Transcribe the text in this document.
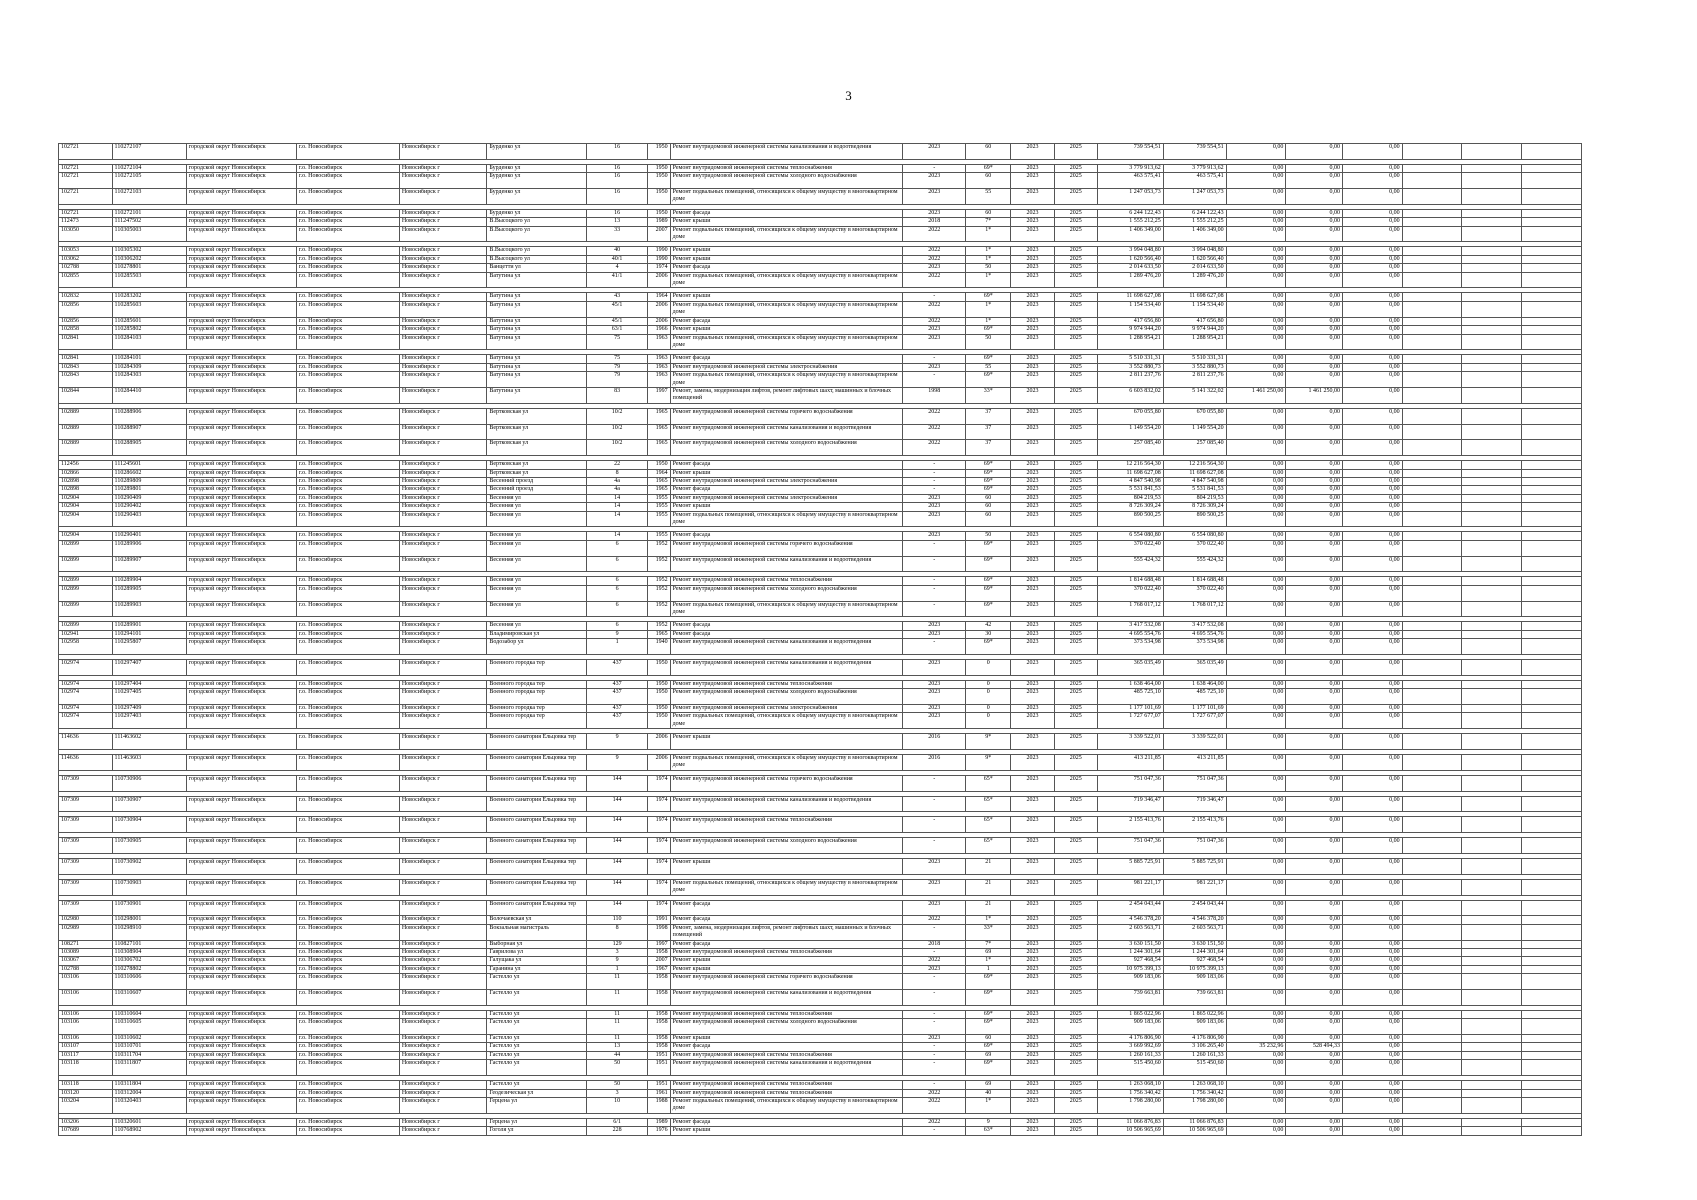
3
102721	110272107	городской округ Новосибирск	г.о. Новосибирск	Новосибирск г	Бурденко ул	16	1950	Ремонт внутридомовой инженерной системы канализования и водоотведения	2023	60	2023	2025	739 554,51	739 554,51	0,00	0,00	0,00			

102721	110272104	городской округ Новосибирск	г.о. Новосибирск	Новосибирск г	Бурденко ул	16	1950	Ремонт внутридомовой инженерной системы теплоснабжения	-	69*	2023	2025	3 779 913,62	3 779 913,62	0,00	0,00	0,00			
102721	110272105	городской округ Новосибирск	г.о. Новосибирск	Новосибирск г	Бурденко ул	16	1950	Ремонт внутридомовой инженерной системы холодного водоснабжения	2023	60	2023	2025	463 575,41	463 575,41	0,00	0,00	0,00			
102721	110272103	городской округ Новосибирск	г.о. Новосибирск	Новосибирск г	Бурденко ул	16	1950	Ремонт подвальных помещений, относящихся к общему имуществу в многоквартирном доме	2023	55	2023	2025	1 247 053,73	1 247 053,73	0,00	0,00	0,00			

102721	110272101	городской округ Новосибирск	г.о. Новосибирск	Новосибирск г	Бурденко ул	16	1950	Ремонт фасада	2023	60	2023	2025	6 244 122,43	6 244 122,43	0,00	0,00	0,00			
112473	111247502	городской округ Новосибирск	г.о. Новосибирск	Новосибирск г	В.Высоцкого ул	13	1989	Ремонт крыши	2018	7*	2023	2025	1 555 212,25	1 555 212,25	0,00	0,00	0,00			
103050	110305003	городской округ Новосибирск	г.о. Новосибирск	Новосибирск г	В.Высоцкого ул	33	2007	Ремонт подвальных помещений, относящихся к общему имуществу в многоквартирном доме	2022	1*	2023	2025	1 406 349,00	1 406 349,00	0,00	0,00	0,00			

103053	110305302	городской округ Новосибирск	г.о. Новосибирск	Новосибирск г	В.Высоцкого ул	40	1990	Ремонт крыши	2022	1*	2023	2025	3 994 048,80	3 994 048,80	0,00	0,00	0,00			
103062	110306202	городской округ Новосибирск	г.о. Новосибирск	Новосибирск г	В.Высоцкого ул	40/1	1990	Ремонт крыши	2022	1*	2023	2025	1 620 566,40	1 620 566,40	0,00	0,00	0,00			
102788	110278801	городской округ Новосибирск	г.о. Новосибирск	Новосибирск г	Ванцетти ул	4	1974	Ремонт фасада	2023	50	2023	2025	2 014 633,50	2 014 633,50	0,00	0,00	0,00			
102855	110285503	городской округ Новосибирск	г.о. Новосибирск	Новосибирск г	Ватутина ул	41/1	2006	Ремонт подвальных помещений, относящихся к общему имуществу в многоквартирном доме	2022	1*	2023	2025	1 289 476,20	1 289 476,20	0,00	0,00	0,00			

102832	110283202	городской округ Новосибирск	г.о. Новосибирск	Новосибирск г	Ватутина ул	43	1964	Ремонт крыши	-	69*	2023	2025	11 698 627,08	11 698 627,08	0,00	0,00	0,00			
102856	110285603	городской округ Новосибирск	г.о. Новосибирск	Новосибирск г	Ватутина ул	45/1	2006	Ремонт подвальных помещений, относящихся к общему имуществу в многоквартирном доме	2022	1*	2023	2025	1 154 534,40	1 154 534,40	0,00	0,00	0,00			
102856	110285601	городской округ Новосибирск	г.о. Новосибирск	Новосибирск г	Ватутина ул	45/1	2006	Ремонт фасада	2022	1*	2023	2025	417 656,80	417 656,80	0,00	0,00	0,00			
102858	110285802	городской округ Новосибирск	г.о. Новосибирск	Новосибирск г	Ватутина ул	63/1	1966	Ремонт крыши	2023	69*	2023	2025	9 974 944,20	9 974 944,20	0,00	0,00	0,00			
102841	110284103	городской округ Новосибирск	г.о. Новосибирск	Новосибирск г	Ватутина ул	75	1963	Ремонт подвальных помещений, относящихся к общему имуществу в многоквартирном доме	2023	50	2023	2025	1 288 954,21	1 288 954,21	0,00	0,00	0,00			

102841	110284101	городской округ Новосибирск	г.о. Новосибирск	Новосибирск г	Ватутина ул	75	1963	Ремонт фасада	-	69*	2023	2025	5 510 331,31	5 510 331,31	0,00	0,00	0,00			
102843	110284309	городской округ Новосибирск	г.о. Новосибирск	Новосибирск г	Ватутина ул	79	1963	Ремонт внутридомовой инженерной системы электроснабжения	2023	55	2023	2025	3 552 880,73	3 552 880,73	0,00	0,00	0,00			
102843	110284303	городской округ Новосибирск	г.о. Новосибирск	Новосибирск г	Ватутина ул	79	1963	Ремонт подвальных помещений, относящихся к общему имуществу в многоквартирном доме	-	69*	2023	2025	2 811 237,76	2 811 237,76	0,00	0,00	0,00			
102844	110284410	городской округ Новосибирск	г.о. Новосибирск	Новосибирск г	Ватутина ул	83	1997	Ремонт, замена, модернизация лифтов, ремонт лифтовых шахт, машинных и блочных помещений	1998	33*	2023	2025	6 603 832,02	5 141 322,02	1 461 250,00	1 461 250,00	0,00			

102889	110288906	городской округ Новосибирск	г.о. Новосибирск	Новосибирск г	Вертковская ул	10/2	1965	Ремонт внутридомовой инженерной системы горячего водоснабжения	2022	37	2023	2025	670 055,80	670 055,80	0,00	0,00	0,00			
102889	110288907	городской округ Новосибирск	г.о. Новосибирск	Новосибирск г	Вертковская ул	10/2	1965	Ремонт внутридомовой инженерной системы канализования и водоотведения	2022	37	2023	2025	1 149 554,20	1 149 554,20	0,00	0,00	0,00			
102889	110288905	городской округ Новосибирск	г.о. Новосибирск	Новосибирск г	Вертковская ул	10/2	1965	Ремонт внутридомовой инженерной системы холодного водоснабжения	2022	37	2023	2025	257 085,40	257 085,40	0,00	0,00	0,00			

112456	111245601	городской округ Новосибирск	г.о. Новосибирск	Новосибирск г	Вертковская ул	22	1950	Ремонт фасада	-	69*	2023	2025	12 216 564,30	12 216 564,30	0,00	0,00	0,00			
102866	110286602	городской округ Новосибирск	г.о. Новосибирск	Новосибирск г	Вертковская ул	8	1964	Ремонт крыши	-	69*	2023	2025	11 698 627,08	11 698 627,08	0,00	0,00	0,00			
102898	110289809	городской округ Новосибирск	г.о. Новосибирск	Новосибирск г	Весенний проезд	4а	1965	Ремонт внутридомовой инженерной системы электроснабжения	-	69*	2023	2025	4 847 540,98	4 847 540,98	0,00	0,00	0,00			
102898	110289801	городской округ Новосибирск	г.о. Новосибирск	Новосибирск г	Весенний проезд	4а	1965	Ремонт фасада	-	69*	2023	2025	5 531 841,53	5 531 841,53	0,00	0,00	0,00			
102904	110290409	городской округ Новосибирск	г.о. Новосибирск	Новосибирск г	Весенняя ул	14	1955	Ремонт внутридомовой инженерной системы электроснабжения	2023	60	2023	2025	804 219,53	804 219,53	0,00	0,00	0,00			
102904	110290402	городской округ Новосибирск	г.о. Новосибирск	Новосибирск г	Весенняя ул	14	1955	Ремонт крыши	2023	60	2023	2025	8 726 309,24	8 726 309,24	0,00	0,00	0,00			
102904	110290403	городской округ Новосибирск	г.о. Новосибирск	Новосибирск г	Весенняя ул	14	1955	Ремонт подвальных помещений, относящихся к общему имуществу в многоквартирном доме	2023	60	2023	2025	890 500,25	890 500,25	0,00	0,00	0,00			

102904	110290401	городской округ Новосибирск	г.о. Новосибирск	Новосибирск г	Весенняя ул	14	1955	Ремонт фасада	2023	50	2023	2025	6 554 080,80	6 554 080,80	0,00	0,00	0,00			
102899	110289906	городской округ Новосибирск	г.о. Новосибирск	Новосибирск г	Весенняя ул	6	1952	Ремонт внутридомовой инженерной системы горячего водоснабжения	-	69*	2023	2025	370 022,40	370 022,40	0,00	0,00	0,00			
102899	110289907	городской округ Новосибирск	г.о. Новосибирск	Новосибирск г	Весенняя ул	6	1952	Ремонт внутридомовой инженерной системы канализования и водоотведения	-	69*	2023	2025	555 424,32	555 424,32	0,00	0,00	0,00			

102899	110289904	городской округ Новосибирск	г.о. Новосибирск	Новосибирск г	Весенняя ул	6	1952	Ремонт внутридомовой инженерной системы теплоснабжения	-	69*	2023	2025	1 814 688,48	1 814 688,48	0,00	0,00	0,00			
102899	110289905	городской округ Новосибирск	г.о. Новосибирск	Новосибирск г	Весенняя ул	6	1952	Ремонт внутридомовой инженерной системы холодного водоснабжения	-	69*	2023	2025	370 022,40	370 022,40	0,00	0,00	0,00			
102899	110289903	городской округ Новосибирск	г.о. Новосибирск	Новосибирск г	Весенняя ул	6	1952	Ремонт подвальных помещений, относящихся к общему имуществу в многоквартирном доме	-	69*	2023	2025	1 768 017,12	1 768 017,12	0,00	0,00	0,00			

102899	110289901	городской округ Новосибирск	г.о. Новосибирск	Новосибирск г	Весенняя ул	6	1952	Ремонт фасада	2023	42	2023	2025	3 417 532,08	3 417 532,08	0,00	0,00	0,00			
102941	110294101	городской округ Новосибирск	г.о. Новосибирск	Новосибирск г	Владимировская ул	9	1965	Ремонт фасада	2023	30	2023	2025	4 695 554,76	4 695 554,76	0,00	0,00	0,00			
102958	110295807	городской округ Новосибирск	г.о. Новосибирск	Новосибирск г	Водозабор ул	1	1940	Ремонт внутридомовой инженерной системы канализования и водоотведения	-	69*	2023	2025	373 534,98	373 534,98	0,00	0,00	0,00			

102974	110297407	городской округ Новосибирск	г.о. Новосибирск	Новосибирск г	Военного городка тер	437	1950	Ремонт внутридомовой инженерной системы канализования и водоотведения	2023	0	2023	2025	365 035,49	365 035,49	0,00	0,00	0,00			

102974	110297404	городской округ Новосибирск	г.о. Новосибирск	Новосибирск г	Военного городка тер	437	1950	Ремонт внутридомовой инженерной системы теплоснабжения	2023	0	2023	2025	1 638 464,00	1 638 464,00	0,00	0,00	0,00			
102974	110297405	городской округ Новосибирск	г.о. Новосибирск	Новосибирск г	Военного городка тер	437	1950	Ремонт внутридомовой инженерной системы холодного водоснабжения	2023	0	2023	2025	485 725,10	485 725,10	0,00	0,00	0,00			
102974	110297409	городской округ Новосибирск	г.о. Новосибирск	Новосибирск г	Военного городка тер	437	1950	Ремонт внутридомовой инженерной системы электроснабжения	2023	0	2023	2025	1 177 101,69	1 177 101,69	0,00	0,00	0,00			
102974	110297403	городской округ Новосибирск	г.о. Новосибирск	Новосибирск г	Военного городка тер	437	1950	Ремонт подвальных помещений, относящихся к общему имуществу в многоквартирном доме	2023	0	2023	2025	1 727 677,07	1 727 677,07	0,00	0,00	0,00			

114636	111463602	городской округ Новосибирск	г.о. Новосибирск	Новосибирск г	Военного санатория Ельцовка тер	9	2006	Ремонт крыши	2016	9*	2023	2025	3 339 522,01	3 339 522,01	0,00	0,00	0,00			

114636	111463603	городской округ Новосибирск	г.о. Новосибирск	Новосибирск г	Военного санатория Ельцовка тер	9	2006	Ремонт подвальных помещений, относящихся к общему имуществу в многоквартирном доме	2016	9*	2023	2025	413 211,85	413 211,85	0,00	0,00	0,00			

107309	110730906	городской округ Новосибирск	г.о. Новосибирск	Новосибирск г	Военного санатория Ельцовка тер	144	1974	Ремонт внутридомовой инженерной системы горячего водоснабжения	-	65*	2023	2025	751 047,36	751 047,36	0,00	0,00	0,00			

107309	110730907	городской округ Новосибирск	г.о. Новосибирск	Новосибирск г	Военного санатория Ельцовка тер	144	1974	Ремонт внутридомовой инженерной системы канализования и водоотведения	-	65*	2023	2025	719 346,47	719 346,47	0,00	0,00	0,00			

107309	110730904	городской округ Новосибирск	г.о. Новосибирск	Новосибирск г	Военного санатория Ельцовка тер	144	1974	Ремонт внутридомовой инженерной системы теплоснабжения	-	65*	2023	2025	2 155 413,76	2 155 413,76	0,00	0,00	0,00			

107309	110730905	городской округ Новосибирск	г.о. Новосибирск	Новосибирск г	Военного санатория Ельцовка тер	144	1974	Ремонт внутридомовой инженерной системы холодного водоснабжения	-	65*	2023	2025	751 047,36	751 047,36	0,00	0,00	0,00			

107309	110730902	городской округ Новосибирск	г.о. Новосибирск	Новосибирск г	Военного санатория Ельцовка тер	144	1974	Ремонт крыши	2023	21	2023	2025	5 885 725,91	5 885 725,91	0,00	0,00	0,00			

107309	110730903	городской округ Новосибирск	г.о. Новосибирск	Новосибирск г	Военного санатория Ельцовка тер	144	1974	Ремонт подвальных помещений, относящихся к общему имуществу в многоквартирном доме	2023	21	2023	2025	981 221,17	981 221,17	0,00	0,00	0,00			

107309	110730901	городской округ Новосибирск	г.о. Новосибирск	Новосибирск г	Военного санатория Ельцовка тер	144	1974	Ремонт фасада	2023	21	2023	2025	2 454 043,44	2 454 043,44	0,00	0,00	0,00			
102980	110298001	городской округ Новосибирск	г.о. Новосибирск	Новосибирск г	Волочаевская ул	110	1991	Ремонт фасада	2022	1*	2023	2025	4 546 378,20	4 546 378,20	0,00	0,00	0,00			
102989	110298910	городской округ Новосибирск	г.о. Новосибирск	Новосибирск г	Вокзальная магистраль	8	1998	Ремонт, замена, модернизация лифтов, ремонт лифтовых шахт, машинных и блочных помещений	-	33*	2023	2025	2 603 563,71	2 603 563,71	0,00	0,00	0,00			
108271	110827101	городской округ Новосибирск	г.о. Новосибирск	Новосибирск г	Выборная ул	129	1997	Ремонт фасада	2018	7*	2023	2025	3 630 151,50	3 630 151,50	0,00	0,00	0,00			
103089	110308904	городской округ Новосибирск	г.о. Новосибирск	Новосибирск г	Гаврилова ул	3	1958	Ремонт внутридомовой инженерной системы теплоснабжения	-	69	2023	2025	1 244 301,64	1 244 301,64	0,00	0,00	0,00			
103067	110306702	городской округ Новосибирск	г.о. Новосибирск	Новосибирск г	Галущака ул	9	2007	Ремонт крыши	2022	1*	2023	2025	927 468,54	927 468,54	0,00	0,00	0,00			
102788	110278802	городской округ Новосибирск	г.о. Новосибирск	Новосибирск г	Гаранина ул	1	1967	Ремонт крыши	2023	1	2023	2025	10 975 399,13	10 975 399,13	0,00	0,00	0,00			
103106	110310606	городской округ Новосибирск	г.о. Новосибирск	Новосибирск г	Гастелло ул	11	1958	Ремонт внутридомовой инженерной системы горячего водоснабжения	-	69*	2023	2025	909 183,06	909 183,06	0,00	0,00	0,00			
103106	110310607	городской округ Новосибирск	г.о. Новосибирск	Новосибирск г	Гастелло ул	11	1958	Ремонт внутридомовой инженерной системы канализования и водоотведения	-	69*	2023	2025	739 663,81	739 663,81	0,00	0,00	0,00			

103106	110310604	городской округ Новосибирск	г.о. Новосибирск	Новосибирск г	Гастелло ул	11	1958	Ремонт внутридомовой инженерной системы теплоснабжения	-	69*	2023	2025	1 865 022,96	1 865 022,96	0,00	0,00	0,00			
103106	110310605	городской округ Новосибирск	г.о. Новосибирск	Новосибирск г	Гастелло ул	11	1958	Ремонт внутридомовой инженерной системы холодного водоснабжения	-	69*	2023	2025	909 183,06	909 183,06	0,00	0,00	0,00			
103106	110310602	городской округ Новосибирск	г.о. Новосибирск	Новосибирск г	Гастелло ул	11	1958	Ремонт крыши	2023	60	2023	2025	4 176 806,90	4 176 806,90	0,00	0,00	0,00			
103107	110310701	городской округ Новосибирск	г.о. Новосибирск	Новосибирск г	Гастелло ул	13	1958	Ремонт фасада	-	69*	2023	2025	3 669 992,69	3 106 265,40	35 232,96	528 494,33	0,00			
103117	110311704	городской округ Новосибирск	г.о. Новосибирск	Новосибирск г	Гастелло ул	44	1951	Ремонт внутридомовой инженерной системы теплоснабжения	-	69	2023	2025	1 260 161,33	1 260 161,33	0,00	0,00	0,00			
103118	110311807	городской округ Новосибирск	г.о. Новосибирск	Новосибирск г	Гастелло ул	50	1951	Ремонт внутридомовой инженерной системы канализования и водоотведения	-	69*	2023	2025	515 450,60	515 450,60	0,00	0,00	0,00			

103118	110311804	городской округ Новосибирск	г.о. Новосибирск	Новосибирск г	Гастелло ул	50	1951	Ремонт внутридомовой инженерной системы теплоснабжения	-	69	2023	2025	1 263 068,10	1 263 068,10	0,00	0,00	0,00			
103120	110312004	городской округ Новосибирск	г.о. Новосибирск	Новосибирск г	Геодезическая ул	3	1961	Ремонт внутридомовой инженерной системы теплоснабжения	2022	40	2023	2025	1 756 340,42	1 756 340,42	0,00	0,00	0,00			
103204	110320403	городской округ Новосибирск	г.о. Новосибирск	Новосибирск г	Герцена ул	10	1988	Ремонт подвальных помещений, относящихся к общему имуществу в многоквартирном доме	2022	1*	2023	2025	1 798 280,00	1 798 280,00	0,00	0,00	0,00			

103206	110320601	городской округ Новосибирск	г.о. Новосибирск	Новосибирск г	Герцена ул	6/1	1989	Ремонт фасада	2022	9	2023	2025	11 066 876,83	11 066 876,83	0,00	0,00	0,00			
107689	110768902	городской округ Новосибирск	г.о. Новосибирск	Новосибирск г	Гоголя ул	228	1976	Ремонт крыши	-	63*	2023	2025	10 506 965,69	10 506 965,69	0,00	0,00	0,00			
